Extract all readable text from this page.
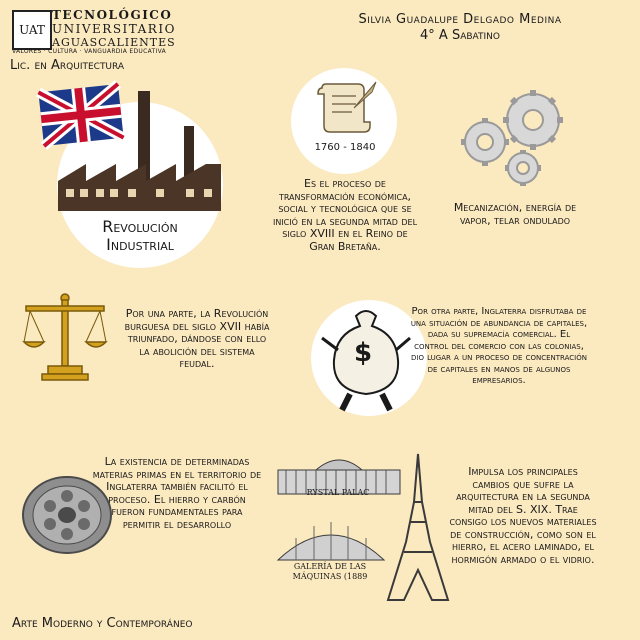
UAT
TECNOLÓGICO
UNIVERSITARIO
AGUASCALIENTES
VALORES · CULTURA · VANGUARDIA EDUCATIVA
Lic. en Arquitectura
Silvia Guadalupe Delgado Medina
4° A Sabatino
Revolución
Industrial
1760 - 1840
Es el proceso de transformación económica, social y tecnológica que se inició en la segunda mitad del siglo XVIII en el Reino de Gran Bretaña.
Mecanización, energía de vapor, telar ondulado
Por una parte, la Revolución burguesa del siglo XVII había triunfado, dándose con ello la abolición del sistema feudal.	$
Por otra parte, Inglaterra disfrutaba de una situación de abundancia de capitales, dada su supremacía comercial. El control del comercio con las colonias, dio lugar a un proceso de concentración de capitales en manos de algunos empresarios.
La existencia de determinadas materias primas en el territorio de Inglaterra también facilitó el proceso. El hierro y carbón fueron fundamentales para permitir el desarrollo
RYSTAL PALAC
GALERÍA DE LAS MÁQUINAS (1889
Impulsa los principales cambios que sufre la arquitectura en la segunda mitad del S. XIX. Trae consigo los nuevos materiales de construcción, como son el hierro, el acero laminado, el hormigón armado o el vidrio.
Arte Moderno y Contemporáneo
